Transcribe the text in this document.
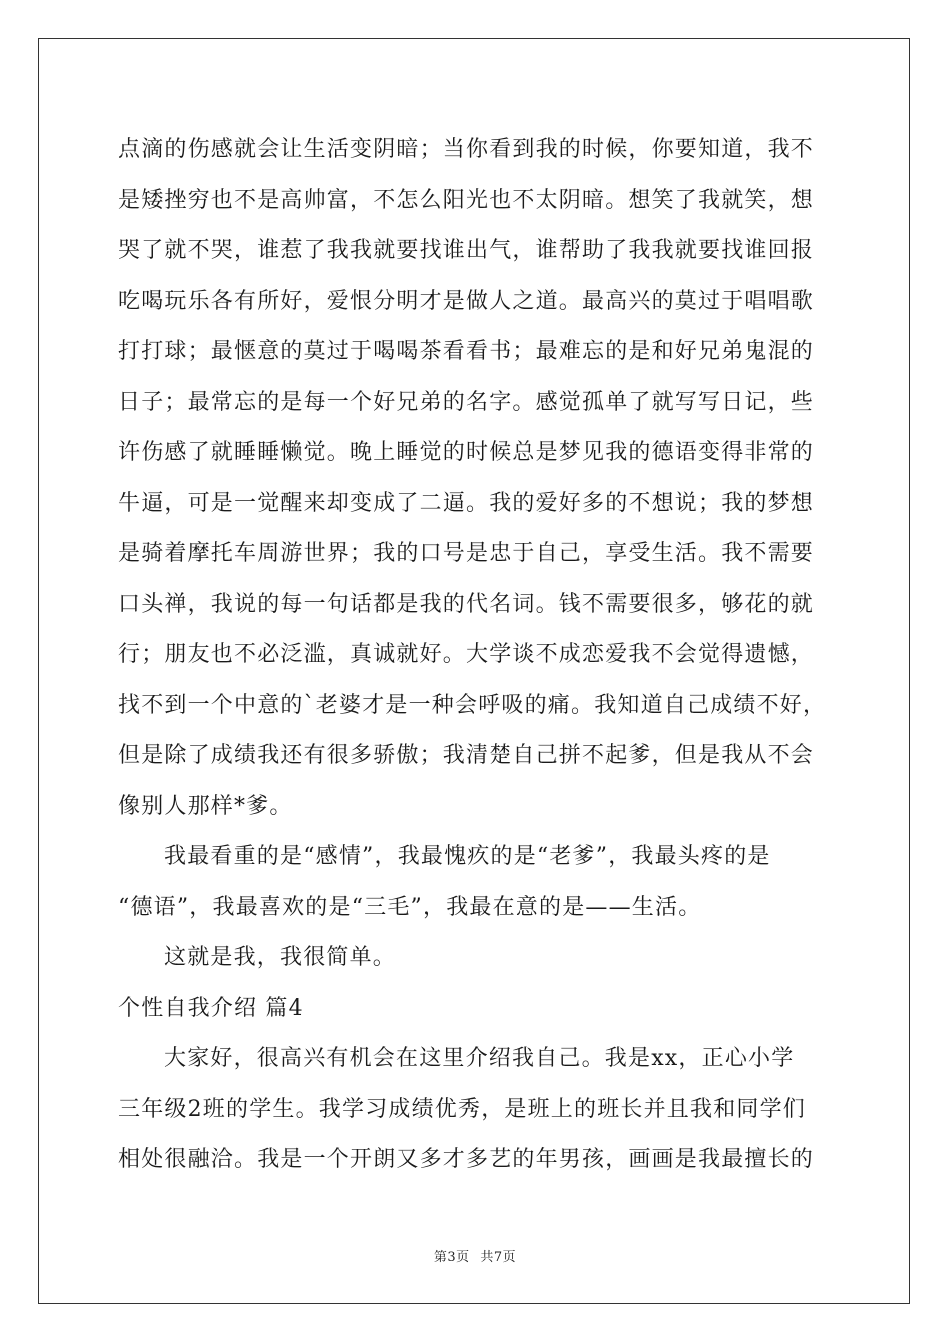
点滴的伤感就会让生活变阴暗；当你看到我的时候，你要知道，我不
是矮挫穷也不是高帅富，不怎么阳光也不太阴暗。想笑了我就笑，想
哭了就不哭，谁惹了我我就要找谁出气，谁帮助了我我就要找谁回报
吃喝玩乐各有所好，爱恨分明才是做人之道。最高兴的莫过于唱唱歌
打打球；最惬意的莫过于喝喝茶看看书；最难忘的是和好兄弟鬼混的
日子；最常忘的是每一个好兄弟的名字。感觉孤单了就写写日记，些
许伤感了就睡睡懒觉。晚上睡觉的时候总是梦见我的德语变得非常的
牛逼，可是一觉醒来却变成了二逼。我的爱好多的不想说；我的梦想
是骑着摩托车周游世界；我的口号是忠于自己，享受生活。我不需要
口头禅，我说的每一句话都是我的代名词。钱不需要很多，够花的就
行；朋友也不必泛滥，真诚就好。大学谈不成恋爱我不会觉得遗憾，
找不到一个中意的`老婆才是一种会呼吸的痛。我知道自己成绩不好，
但是除了成绩我还有很多骄傲；我清楚自己拼不起爹，但是我从不会
像别人那样*爹。
我最看重的是“感情”，我最愧疚的是“老爹”，我最头疼的是
“德语”，我最喜欢的是“三毛”，我最在意的是——生活。
这就是我，我很简单。
个性自我介绍 篇4
大家好，很高兴有机会在这里介绍我自己。我是xx，正心小学
三年级2班的学生。我学习成绩优秀，是班上的班长并且我和同学们
相处很融洽。我是一个开朗又多才多艺的年男孩，画画是我最擅长的
第3页 共7页
